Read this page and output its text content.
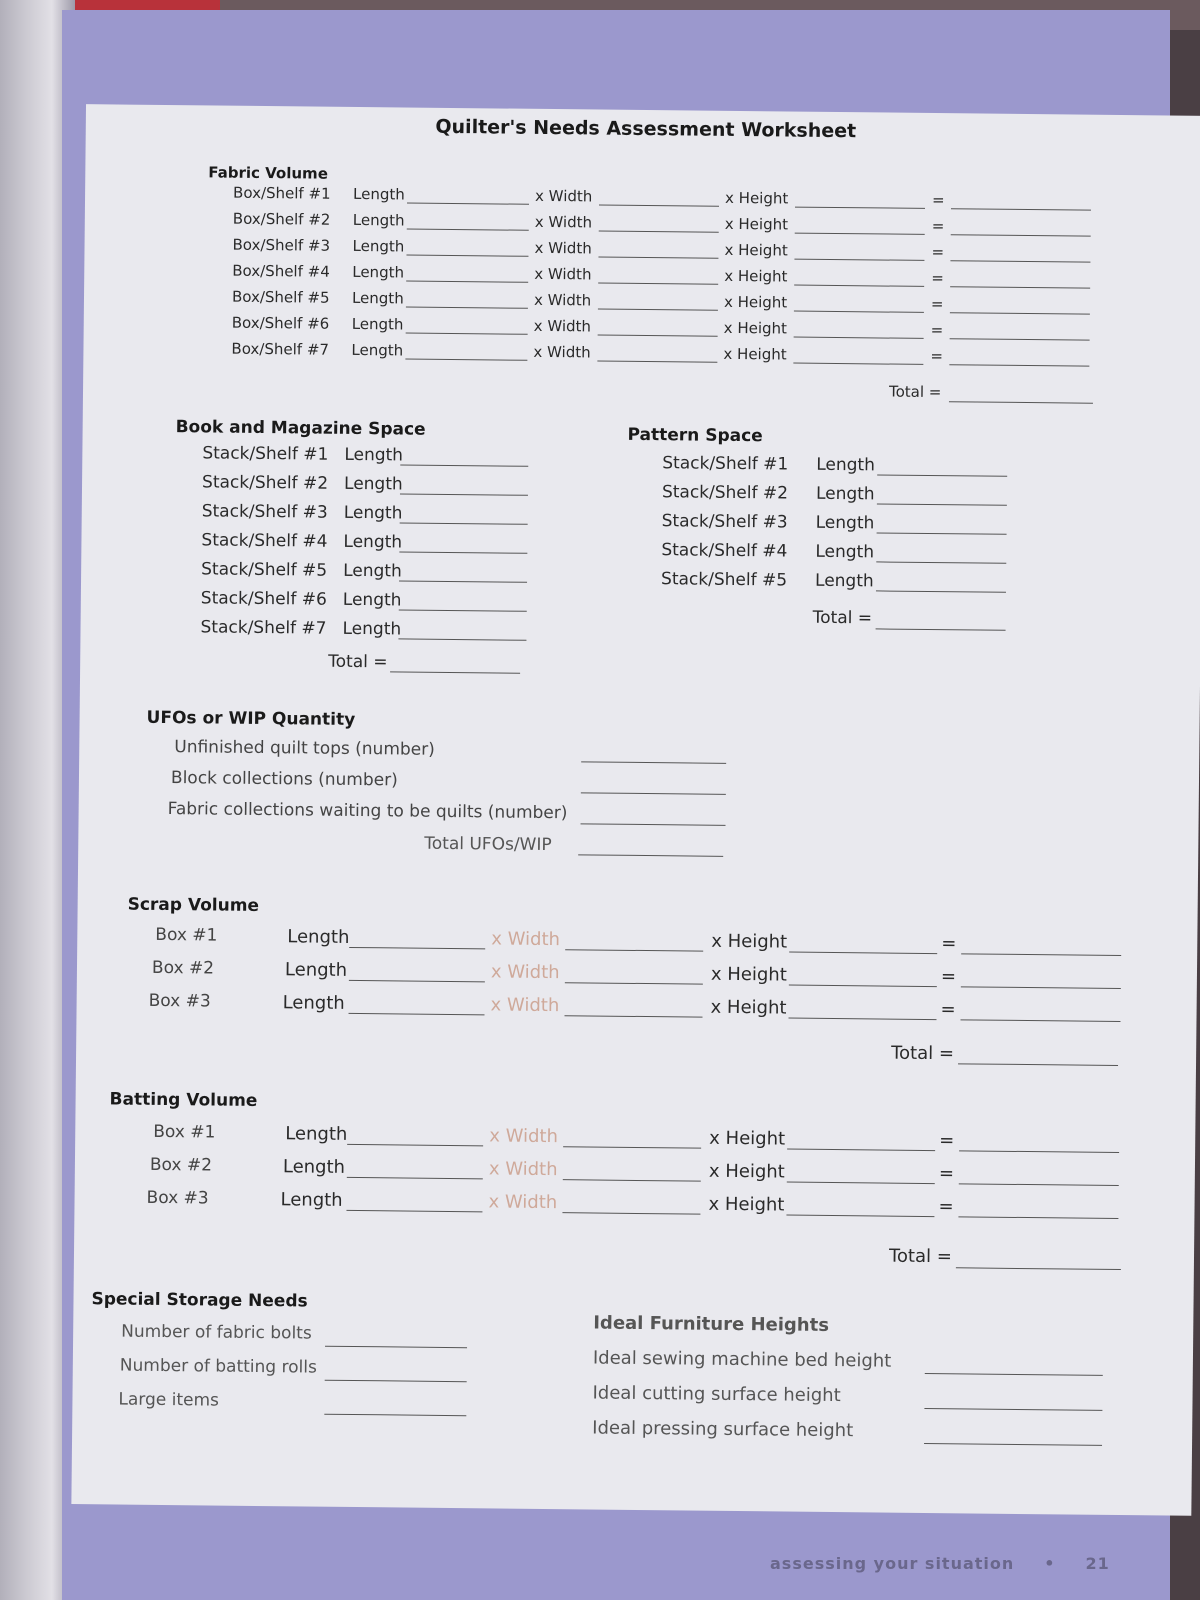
Quilter's Needs Assessment Worksheet
Fabric Volume
Box/Shelf #1 Length	x Width	x Height	=
Box/Shelf #2 Length	x Width	x Height	=
Box/Shelf #3 Length	x Width	x Height	=
Box/Shelf #4 Length	x Width	x Height	=
Box/Shelf #5 Length	x Width	x Height	=
Box/Shelf #6 Length	x Width	x Height	=
Box/Shelf #7 Length	x Width	x Height	=
Total =
Book and Magazine Space
Stack/Shelf #1 Length
Stack/Shelf #2 Length
Stack/Shelf #3 Length
Stack/Shelf #4 Length
Stack/Shelf #5 Length
Stack/Shelf #6 Length
Stack/Shelf #7 Length
Total =
Pattern Space
Stack/Shelf #1 Length
Stack/Shelf #2 Length
Stack/Shelf #3 Length
Stack/Shelf #4 Length
Stack/Shelf #5 Length
Total =
UFOs or WIP Quantity
Unfinished quilt tops (number)
Block collections (number)
Fabric collections waiting to be quilts (number)
Total UFOs/WIP
Scrap Volume
Box #1	Length	x Width	x Height	=
Box #2	Length	x Width	x Height	=
Box #3	Length	x Width	x Height	=
Total =
Batting Volume
Box #1	Length	x Width	x Height	=
Box #2	Length	x Width	x Height	=
Box #3	Length	x Width	x Height	=
Total =
Special Storage Needs
Number of fabric bolts
Number of batting rolls
Large items
Ideal Furniture Heights
Ideal sewing machine bed height
Ideal cutting surface height
Ideal pressing surface height
assessing your situation • 21
